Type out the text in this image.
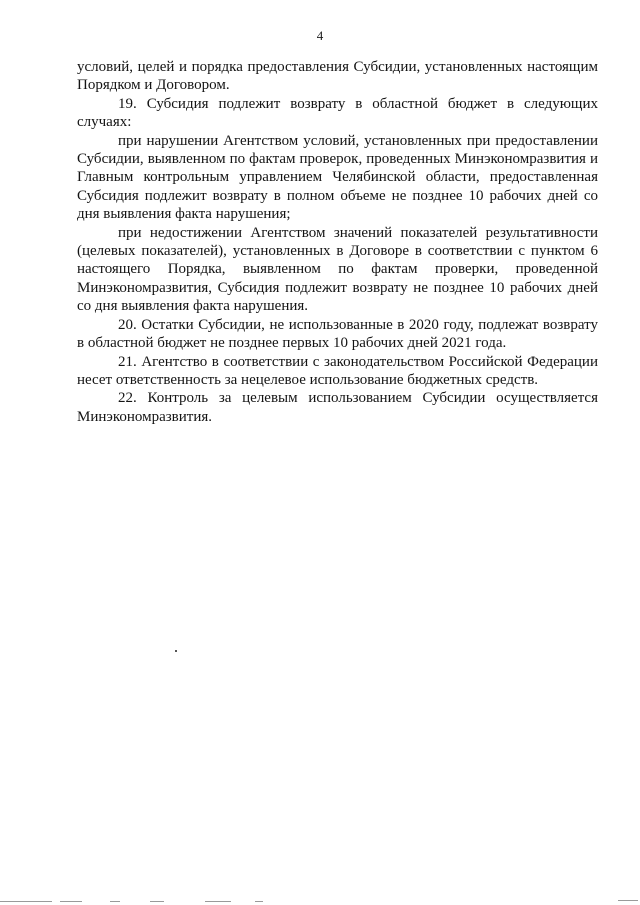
4

условий, целей и порядка предоставления Субсидии, установленных настоящим Порядком и Договором.

19. Субсидия подлежит возврату в областной бюджет в следующих случаях:

при нарушении Агентством условий, установленных при предоставлении Субсидии, выявленном по фактам проверок, проведенных Минэкономразвития и Главным контрольным управлением Челябинской области, предоставленная Субсидия подлежит возврату в полном объеме не позднее 10 рабочих дней со дня выявления факта нарушения;

при недостижении Агентством значений показателей результативности (целевых показателей), установленных в Договоре в соответствии с пунктом 6 настоящего Порядка, выявленном по фактам проверки, проведенной Минэкономразвития, Субсидия подлежит возврату не позднее 10 рабочих дней со дня выявления факта нарушения.

20. Остатки Субсидии, не использованные в 2020 году, подлежат возврату в областной бюджет не позднее первых 10 рабочих дней 2021 года.

21. Агентство в соответствии с законодательством Российской Федерации несет ответственность за нецелевое использование бюджетных средств.

22. Контроль за целевым использованием Субсидии осуществляется Минэкономразвития.
